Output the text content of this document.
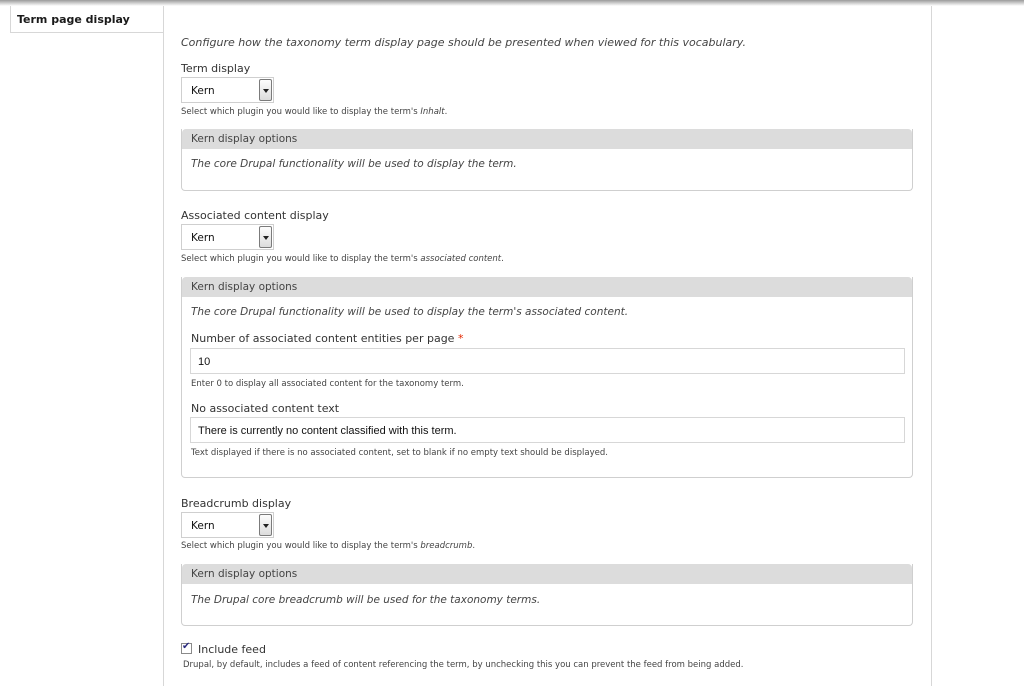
Term page display
Configure how the taxonomy term display page should be presented when viewed for this vocabulary.
Term display
Kern
Select which plugin you would like to display the term's Inhalt.
Kern display options
The core Drupal functionality will be used to display the term.
Associated content display
Kern
Select which plugin you would like to display the term's associated content.
Kern display options
The core Drupal functionality will be used to display the term's associated content.
Number of associated content entities per page *
10
Enter 0 to display all associated content for the taxonomy term.
No associated content text
There is currently no content classified with this term.
Text displayed if there is no associated content, set to blank if no empty text should be displayed.
Breadcrumb display
Kern
Select which plugin you would like to display the term's breadcrumb.
Kern display options
The Drupal core breadcrumb will be used for the taxonomy terms.
✔ Include feed
Drupal, by default, includes a feed of content referencing the term, by unchecking this you can prevent the feed from being added.
